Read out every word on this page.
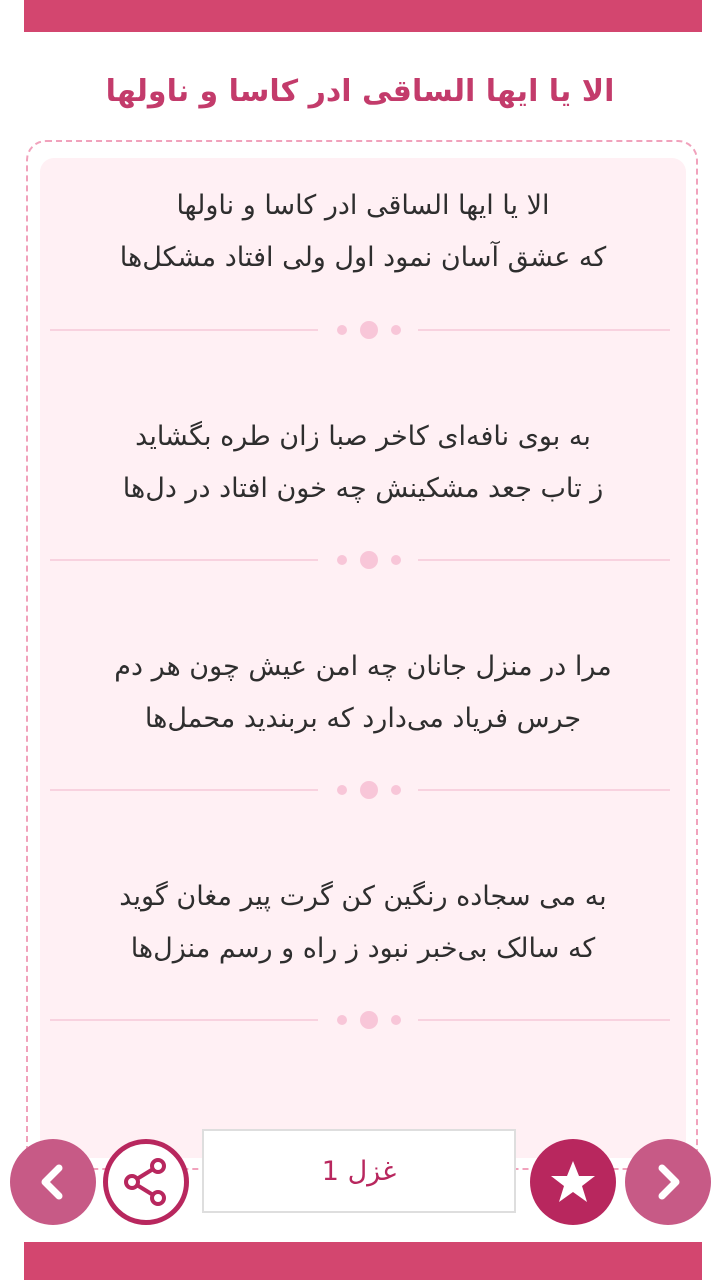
الا یا ایها الساقی ادر کاسا و ناولها
الا یا ایها الساقی ادر کاسا و ناولها
که عشق آسان نمود اول ولی افتاد مشکل‌ها
به بوی نافه‌ای کاخر صبا زان طره بگشاید
ز تاب جعد مشکینش چه خون افتاد در دل‌ها
مرا در منزل جانان چه امن عیش چون هر دم
جرس فریاد می‌دارد که بربندید محمل‌ها
به می سجاده رنگین کن گرت پیر مغان گوید
که سالک بی‌خبر نبود ز راه و رسم منزل‌ها
غزل 1
